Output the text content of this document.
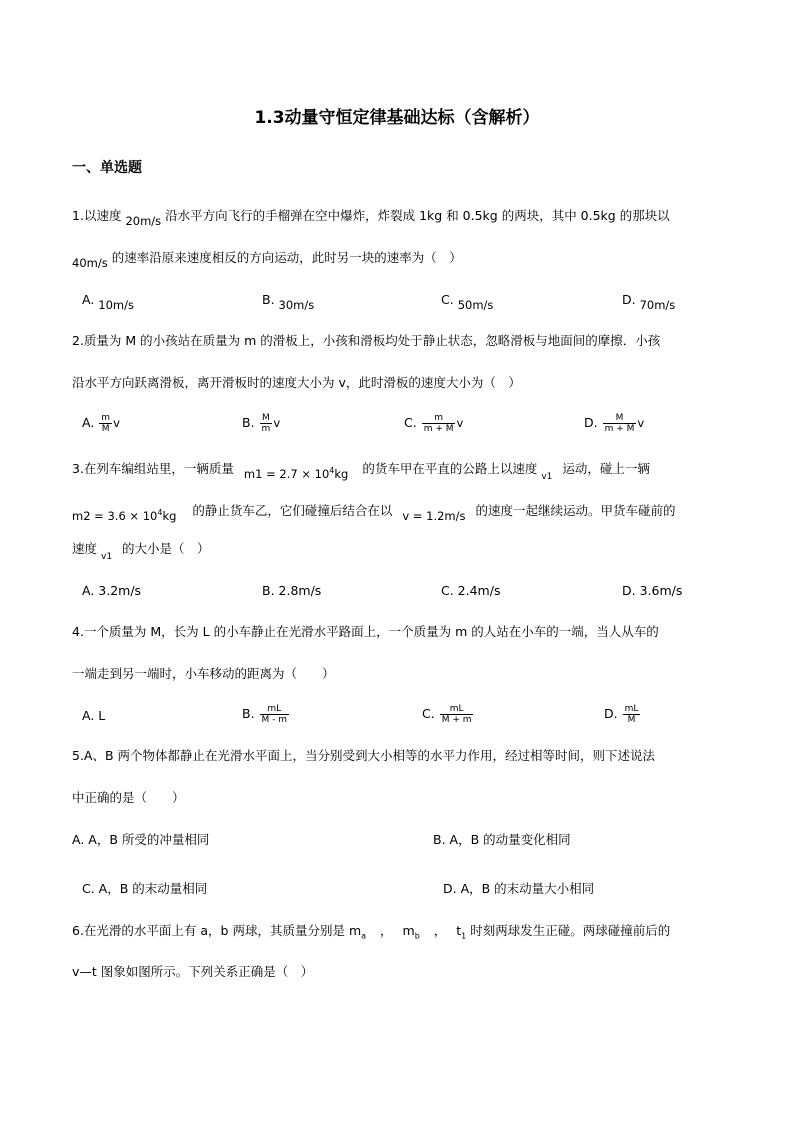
1.3动量守恒定律基础达标（含解析）
一、单选题
1.以速度 20m/s 沿水平方向飞行的手榴弹在空中爆炸，炸裂成 1kg 和 0.5kg 的两块，其中 0.5kg 的那块以
40m/s 的速率沿原来速度相反的方向运动，此时另一块的速率为（　）
A. 10m/s	B. 30m/s	C. 50m/s	D. 70m/s
2.质量为 M 的小孩站在质量为 m 的滑板上，小孩和滑板均处于静止状态，忽略滑板与地面间的摩擦．小孩
沿水平方向跃离滑板，离开滑板时的速度大小为 v，此时滑板的速度大小为（　）
A. $\frac{m}{M}$ v	B. $\frac{M}{m}$ v	C. $\frac{m}{m + M}$ v	D. $\frac{M}{m + M}$ v
3.在列车编组站里，一辆质量 $m1 = 2.7 \times 10^4kg$ 的货车甲在平直的公路上以速度 $_{v1}$ 运动，碰上一辆
$m2 = 3.6 \times 10^4kg$ 的静止货车乙，它们碰撞后结合在以 v = 1.2m/s 的速度一起继续运动。甲货车碰前的
速度 $_{v1}$ 的大小是（　）
A. 3.2m/s	B. 2.8m/s	C. 2.4m/s	D. 3.6m/s
4.一个质量为 M，长为 L 的小车静止在光滑水平路面上，一个质量为 m 的人站在小车的一端，当人从车的
一端走到另一端时，小车移动的距离为（　　）
A. L	B. $\frac{mL}{M - m}$	C. $\frac{mL}{M + m}$	D. $\frac{mL}{M}$
5.A、B 两个物体都静止在光滑水平面上，当分别受到大小相等的水平力作用，经过相等时间，则下述说法
中正确的是（　　）
A. A，B 所受的冲量相同	B. A，B 的动量变化相同
C. A，B 的末动量相同	D. A，B 的末动量大小相同
6.在光滑的水平面上有 a，b 两球，其质量分别是 $m_a$ ， $m_b$ ， $t_1$ 时刻两球发生正碰。两球碰撞前后的
v—t 图象如图所示。下列关系正确是（　）
